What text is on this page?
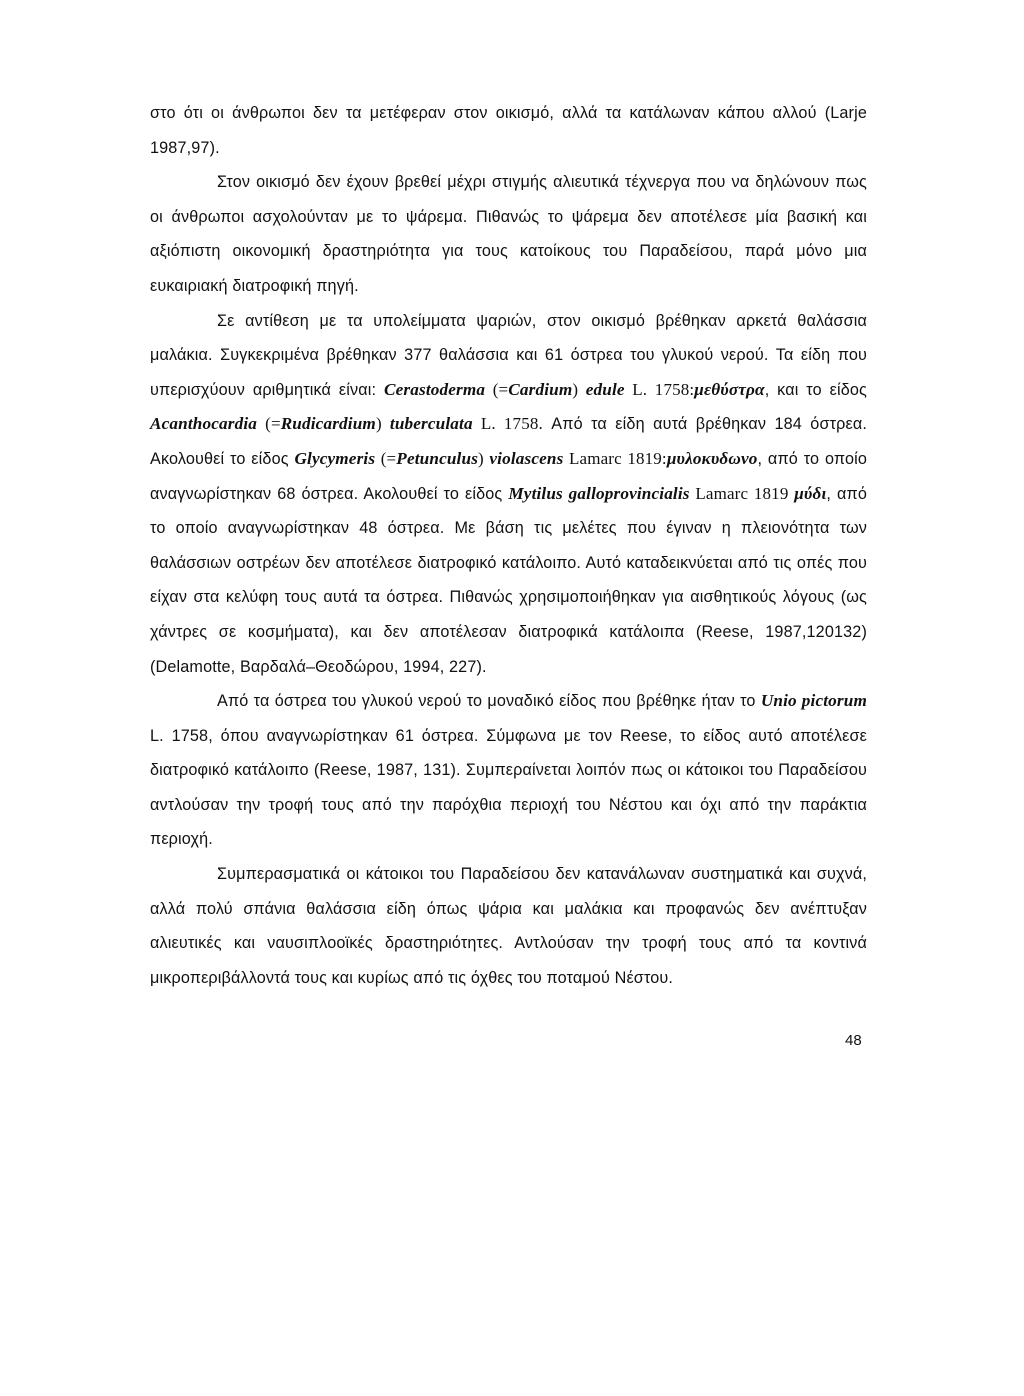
στο ότι οι άνθρωποι δεν τα μετέφεραν στον οικισμό, αλλά τα κατάλωναν κάπου αλλού (Larje 1987,97).

Στον οικισμό δεν έχουν βρεθεί μέχρι στιγμής αλιευτικά τέχνεργα που να δηλώνουν πως οι άνθρωποι ασχολούνταν με το ψάρεμα. Πιθανώς το ψάρεμα δεν αποτέλεσε μία βασική και αξιόπιστη οικονομική δραστηριότητα για τους κατοίκους του Παραδείσου, παρά μόνο μια ευκαιριακή διατροφική πηγή.

Σε αντίθεση με τα υπολείμματα ψαριών, στον οικισμό βρέθηκαν αρκετά θαλάσσια μαλάκια. Συγκεκριμένα βρέθηκαν 377 θαλάσσια και 61 όστρεα του γλυκού νερού. Τα είδη που υπερισχύουν αριθμητικά είναι: Cerastoderma (=Cardium) edule L. 1758:μεθύστρα, και το είδος Acanthocardia (=Rudicardium) tuberculata L. 1758. Από τα είδη αυτά βρέθηκαν 184 όστρεα. Ακολουθεί το είδος Glycymeris (=Petunculus) violascens Lamarc 1819:μυλοκυδωνο, από το οποίο αναγνωρίστηκαν 68 όστρεα. Ακολουθεί το είδος Mytilus galloprovincialis Lamarc 1819 μύδι, από το οποίο αναγνωρίστηκαν 48 όστρεα. Με βάση τις μελέτες που έγιναν η πλειονότητα των θαλάσσιων οστρέων δεν αποτέλεσε διατροφικό κατάλοιπο. Αυτό καταδεικνύεται από τις οπές που είχαν στα κελύφη τους αυτά τα όστρεα. Πιθανώς χρησιμοποιήθηκαν για αισθητικούς λόγους (ως χάντρες σε κοσμήματα), και δεν αποτέλεσαν διατροφικά κατάλοιπα (Reese, 1987,120132) (Delamotte, Βαρδαλά–Θεοδώρου, 1994, 227).

Από τα όστρεα του γλυκού νερού το μοναδικό είδος που βρέθηκε ήταν το Unio pictorum L. 1758, όπου αναγνωρίστηκαν 61 όστρεα. Σύμφωνα με τον Reese, το είδος αυτό αποτέλεσε διατροφικό κατάλοιπο (Reese, 1987, 131). Συμπεραίνεται λοιπόν πως οι κάτοικοι του Παραδείσου αντλούσαν την τροφή τους από την παρόχθια περιοχή του Νέστου και όχι από την παράκτια περιοχή.

Συμπερασματικά οι κάτοικοι του Παραδείσου δεν κατανάλωναν συστηματικά και συχνά, αλλά πολύ σπάνια θαλάσσια είδη όπως ψάρια και μαλάκια και προφανώς δεν ανέπτυξαν αλιευτικές και ναυσιπλοοϊκές δραστηριότητες. Αντλούσαν την τροφή τους από τα κοντινά μικροπεριβάλλοντά τους και κυρίως από τις όχθες του ποταμού Νέστου.

48
